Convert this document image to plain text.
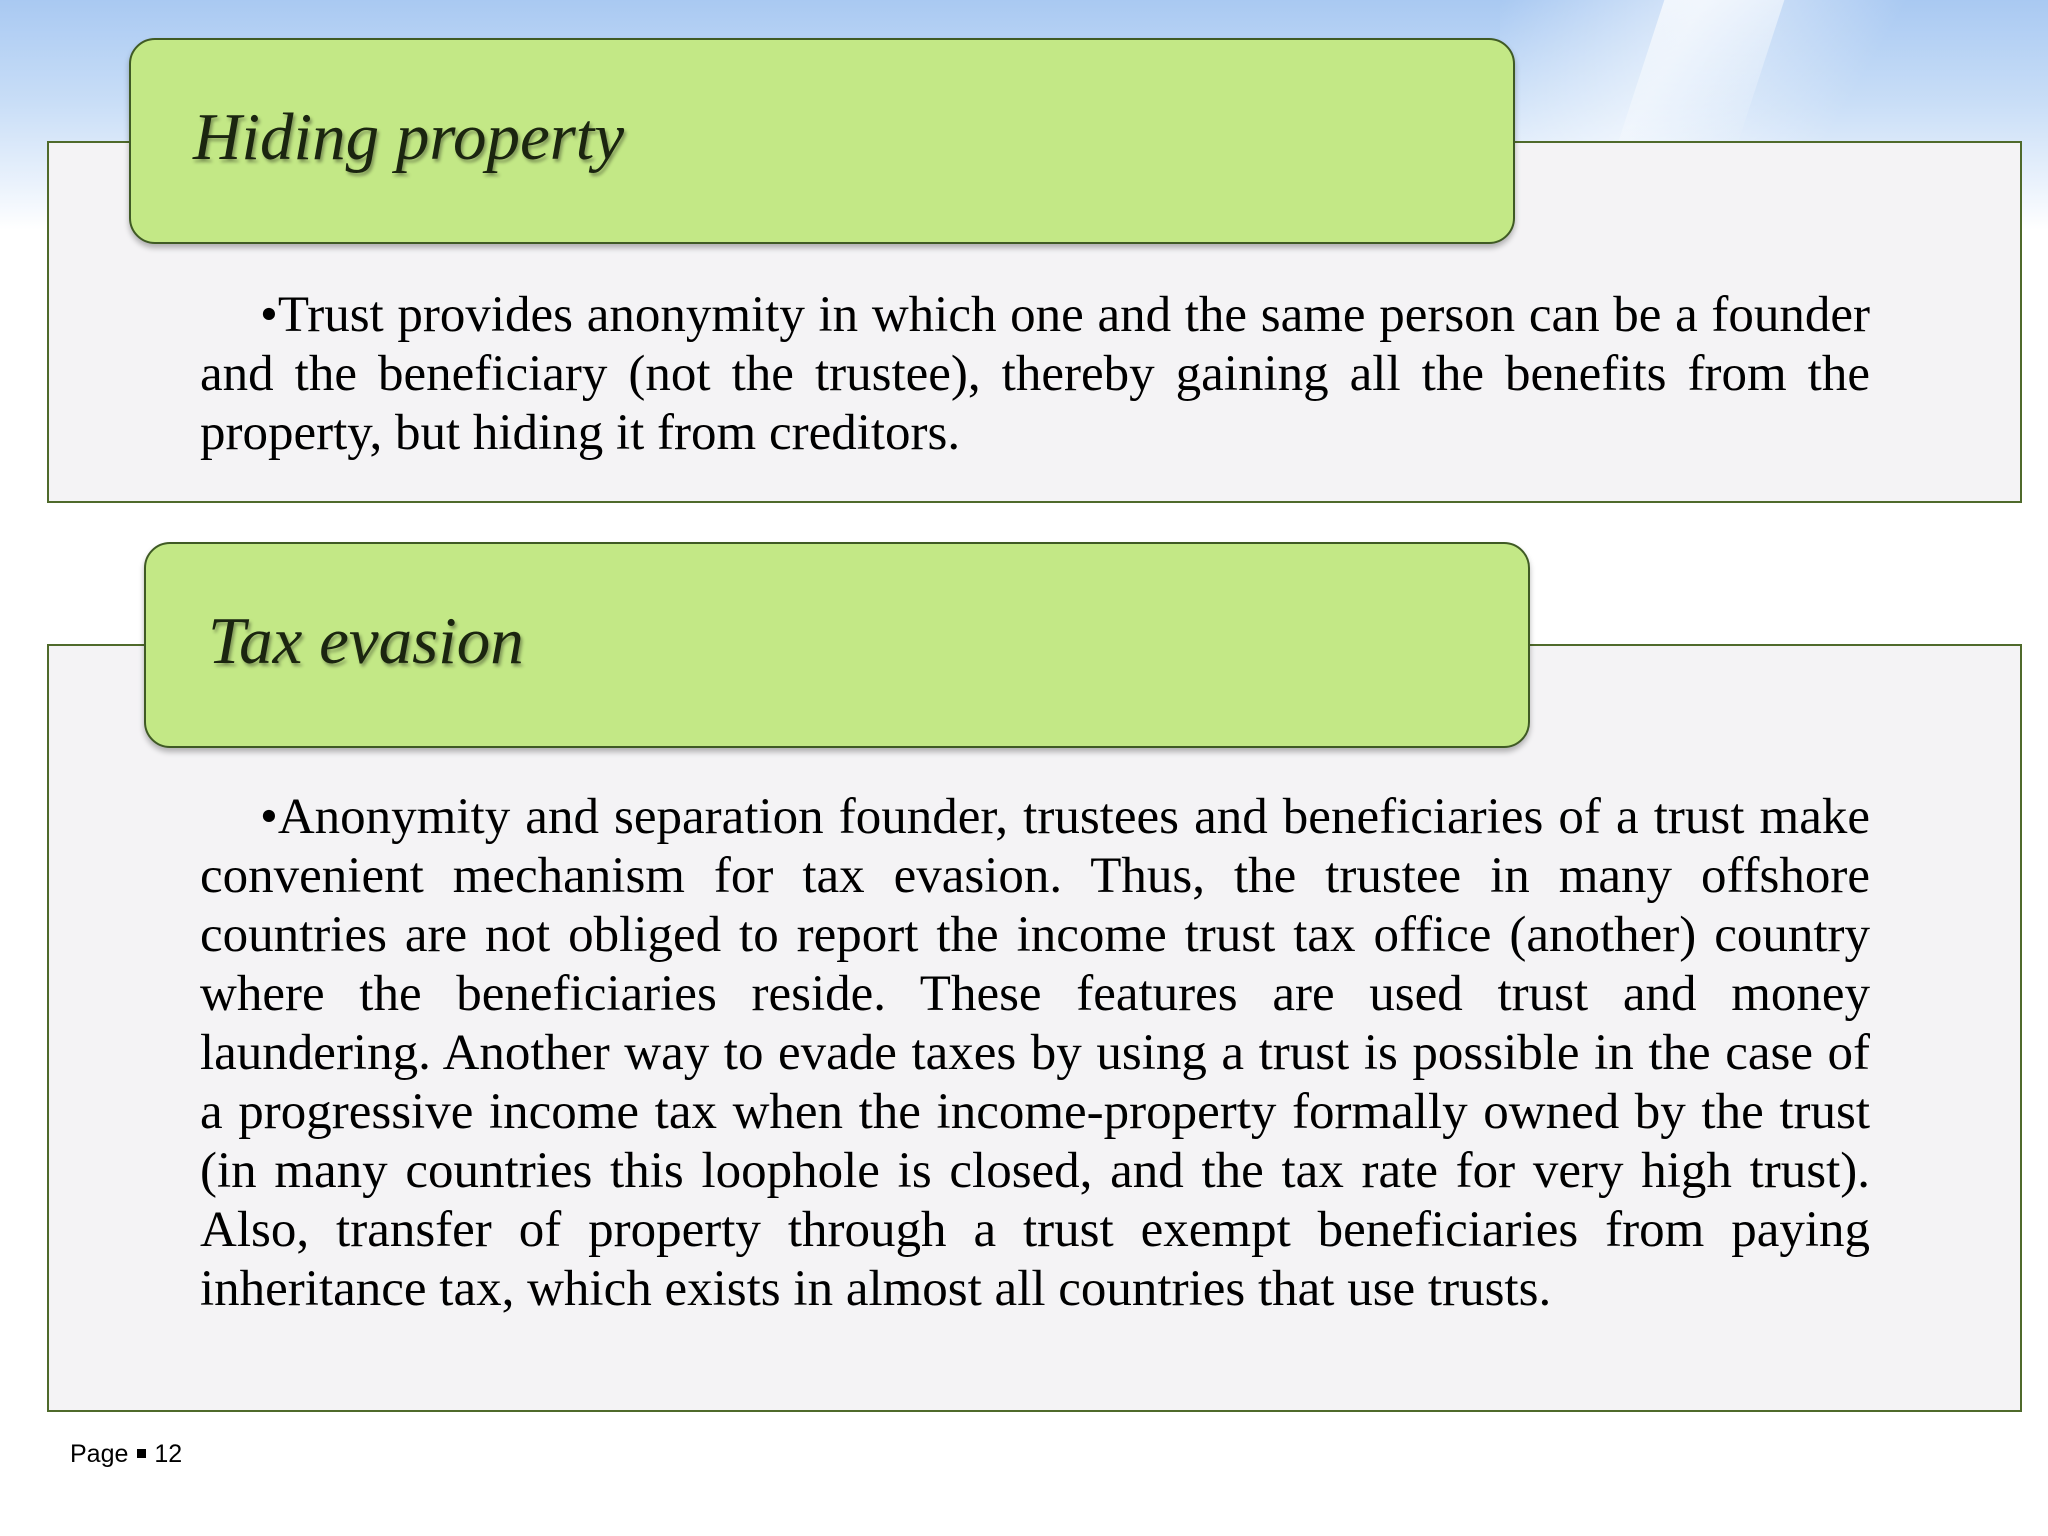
Hiding property

•Trust provides anonymity in which one and the same person can be a founder and the beneficiary (not the trustee), thereby gaining all the benefits from the property, but hiding it from creditors.

Tax evasion

•Anonymity and separation founder, trustees and beneficiaries of a trust make convenient mechanism for tax evasion. Thus, the trustee in many offshore countries are not obliged to report the income trust tax office (another) country where the beneficiaries reside. These features are used trust and money laundering. Another way to evade taxes by using a trust is possible in the case of a progressive income tax when the income-property formally owned by the trust (in many countries this loophole is closed, and the tax rate for very high trust). Also, transfer of property through a trust exempt beneficiaries from paying inheritance tax, which exists in almost all countries that use trusts.

Page 12
